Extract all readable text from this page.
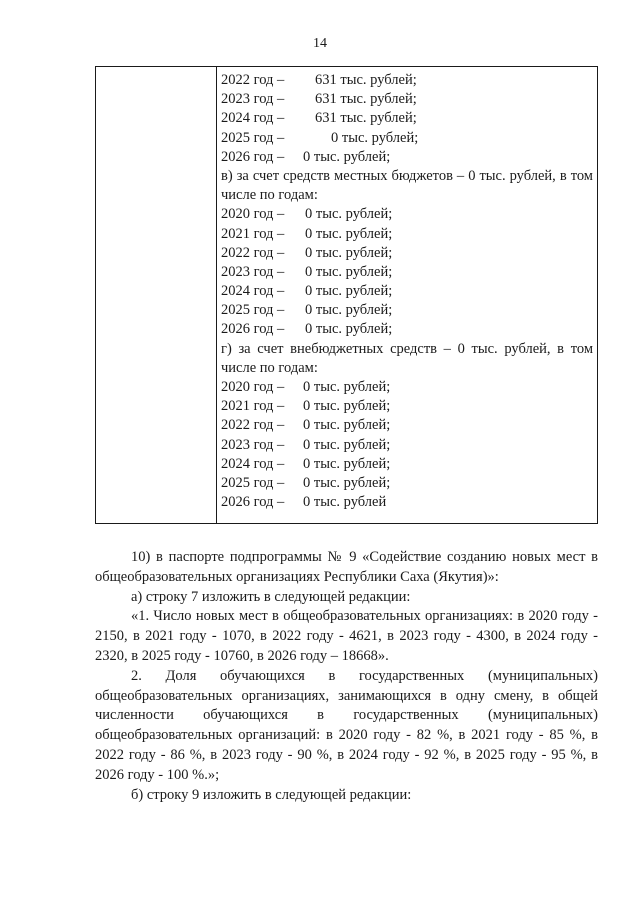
14
2022 год – 631 тыс. рублей;
2023 год – 631 тыс. рублей;
2024 год – 631 тыс. рублей;
2025 год –	0 тыс. рублей;
2026 год – 0 тыс. рублей;
в) за счет средств местных бюджетов – 0 тыс. рублей, в том
числе по годам:
2020 год – 0 тыс. рублей;
2021 год – 0 тыс. рублей;
2022 год – 0 тыс. рублей;
2023 год – 0 тыс. рублей;
2024 год – 0 тыс. рублей;
2025 год – 0 тыс. рублей;
2026 год – 0 тыс. рублей;
г) за счет внебюджетных средств – 0 тыс. рублей, в том
числе по годам:
2020 год – 0 тыс. рублей;
2021 год – 0 тыс. рублей;
2022 год – 0 тыс. рублей;
2023 год – 0 тыс. рублей;
2024 год – 0 тыс. рублей;
2025 год – 0 тыс. рублей;
2026 год – 0 тыс. рублей

10) в паспорте подпрограммы № 9 «Содействие созданию новых мест в общеобразовательных организациях Республики Саха (Якутия)»:

а) строку 7 изложить в следующей редакции:

«1. Число новых мест в общеобразовательных организациях: в 2020 году - 2150, в 2021 году - 1070, в 2022 году - 4621, в 2023 году - 4300, в 2024 году - 2320, в 2025 году - 10760, в 2026 году – 18668».

2. Доля обучающихся в государственных (муниципальных) общеобразовательных организациях, занимающихся в одну смену, в общей численности обучающихся в государственных (муниципальных) общеобразовательных организаций: в 2020 году - 82 %, в 2021 году - 85 %, в 2022 году - 86 %, в 2023 году - 90 %, в 2024 году - 92 %, в 2025 году - 95 %, в 2026 году - 100 %.»;

б) строку 9 изложить в следующей редакции:
